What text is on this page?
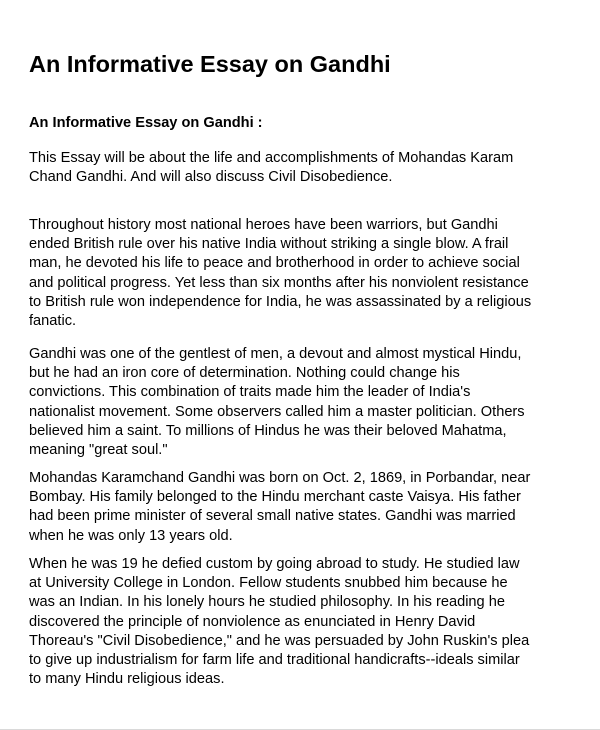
An Informative Essay on Gandhi
An Informative Essay on Gandhi :

This Essay will be about the life and accomplishments of Mohandas Karam
Chand Gandhi. And will also discuss Civil Disobedience.

Throughout history most national heroes have been warriors, but Gandhi
ended British rule over his native India without striking a single blow. A frail
man, he devoted his life to peace and brotherhood in order to achieve social
and political progress. Yet less than six months after his nonviolent resistance
to British rule won independence for India, he was assassinated by a religious
fanatic.

Gandhi was one of the gentlest of men, a devout and almost mystical Hindu,
but he had an iron core of determination. Nothing could change his
convictions. This combination of traits made him the leader of India's
nationalist movement. Some observers called him a master politician. Others
believed him a saint. To millions of Hindus he was their beloved Mahatma,
meaning "great soul."

Mohandas Karamchand Gandhi was born on Oct. 2, 1869, in Porbandar, near
Bombay. His family belonged to the Hindu merchant caste Vaisya. His father
had been prime minister of several small native states. Gandhi was married
when he was only 13 years old.

When he was 19 he defied custom by going abroad to study. He studied law
at University College in London. Fellow students snubbed him because he
was an Indian. In his lonely hours he studied philosophy. In his reading he
discovered the principle of nonviolence as enunciated in Henry David
Thoreau's "Civil Disobedience," and he was persuaded by John Ruskin's plea
to give up industrialism for farm life and traditional handicrafts--ideals similar
to many Hindu religious ideas.
